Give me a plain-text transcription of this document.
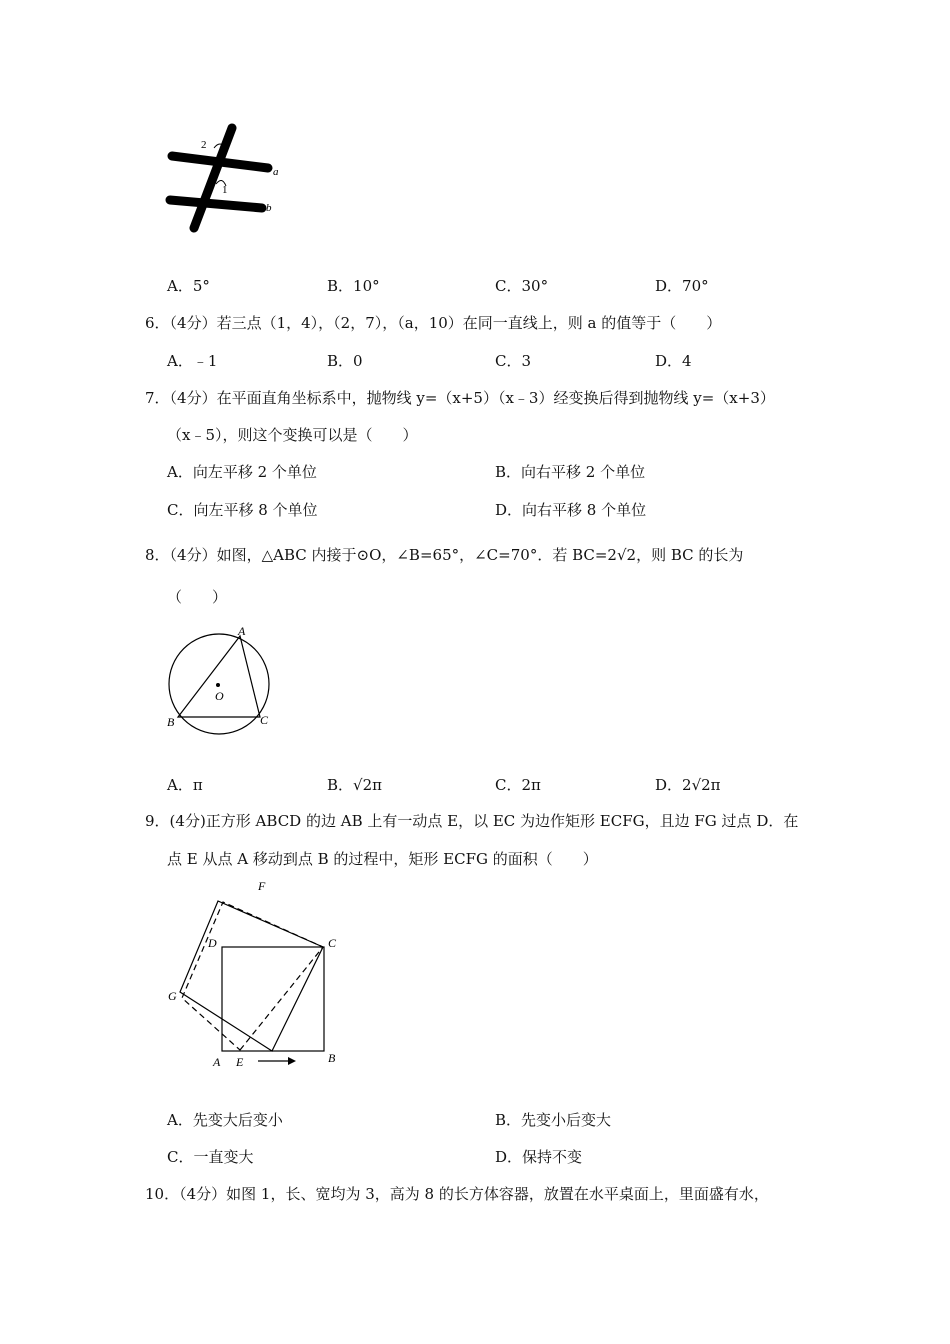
c
a
b
1
2
A．5°	B．10°	C．30°	D．70°
6．（4分）若三点（1，4），（2，7），（a，10）在同一直线上，则 a 的值等于（　　）
A．﹣1	B．0	C．3	D．4
7．（4分）在平面直角坐标系中，抛物线 y=（x+5）（x﹣3）经变换后得到抛物线 y=（x+3）
（x﹣5），则这个变换可以是（　　）
A．向左平移 2 个单位	B．向右平移 2 个单位
C．向左平移 8 个单位	D．向右平移 8 个单位
8．（4分）如图，△ABC 内接于⊙O，∠B=65°，∠C=70°．若 BC=2√2，则 BC 的长为
（　　）
A
B	C
O
A．π	B．√2π	C．2π	D．2√2π
9．(4分)正方形 ABCD 的边 AB 上有一动点 E，以 EC 为边作矩形 ECFG，且边 FG 过点 D．在
点 E 从点 A 移动到点 B 的过程中，矩形 ECFG 的面积（　　）
F
D	C
G
A E	B
A．先变大后变小	B．先变小后变大
C．一直变大	D．保持不变
10．（4分）如图 1，长、宽均为 3，高为 8 的长方体容器，放置在水平桌面上，里面盛有水，
